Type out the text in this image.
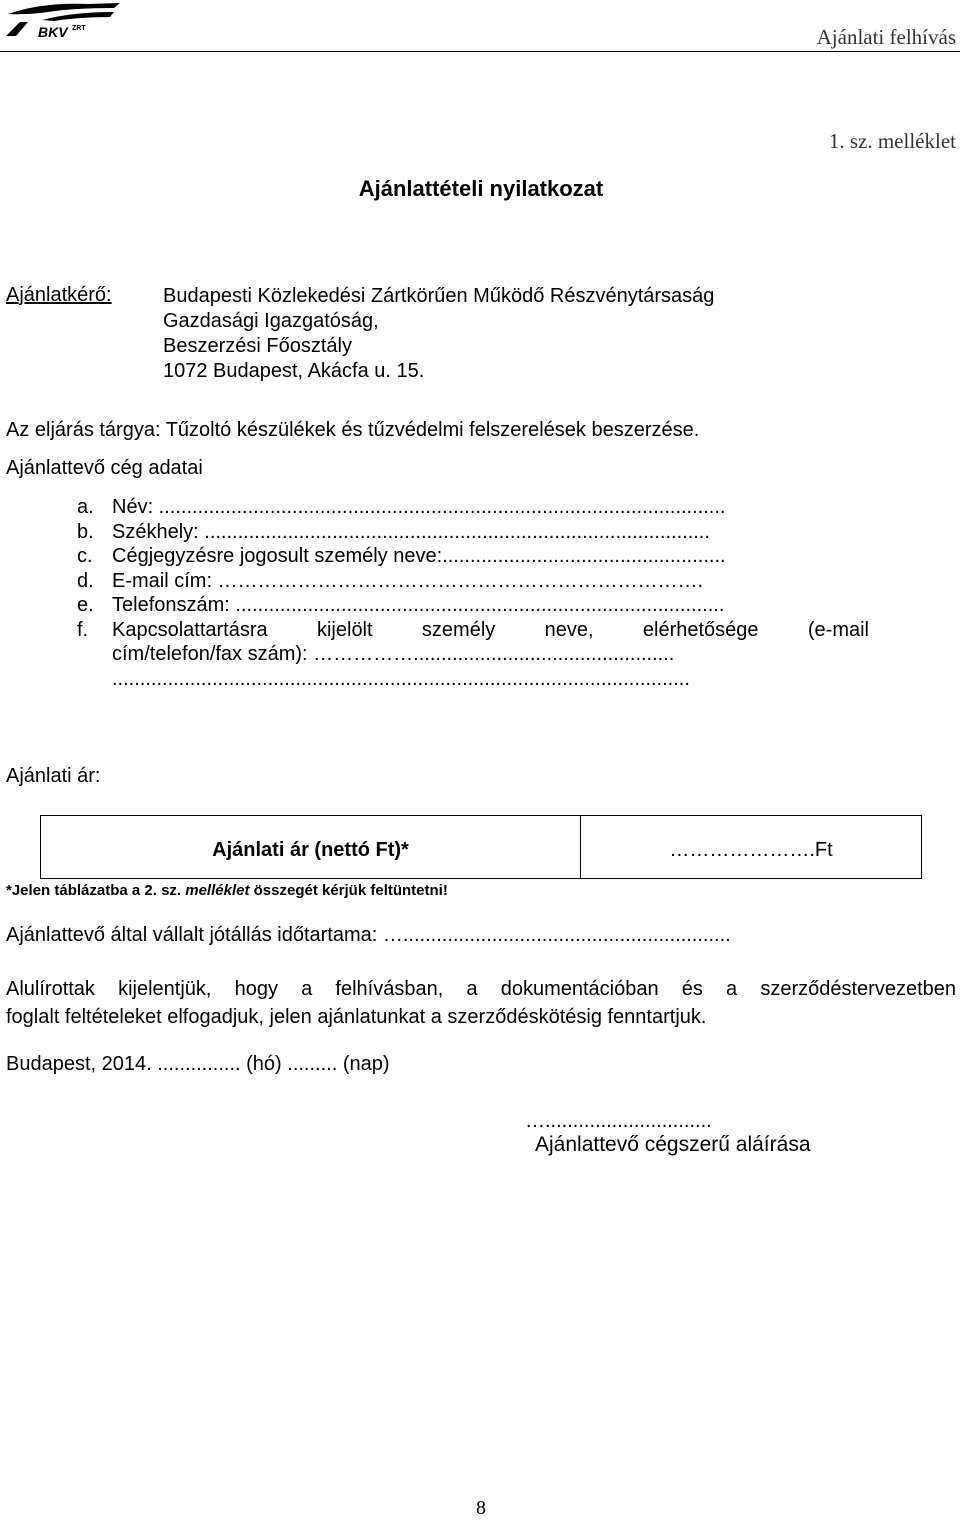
BKV ZRT	Ajánlati felhívás
1. sz. melléklet
Ajánlattételi nyilatkozat
Ajánlatkérő:	Budapesti Közlekedési Zártkörűen Működő Részvénytársaság
Gazdasági Igazgatóság,
Beszerzési Főosztály
1072 Budapest, Akácfa u. 15.
Az eljárás tárgya: Tűzoltó készülékek és tűzvédelmi felszerelések beszerzése.
Ajánlattevő cég adatai
a. Név: ......................................................................................................
b. Székhely: ...........................................................................................
c. Cégjegyzésre jogosult személy neve:...................................................
d. E-mail cím: ……………………………………………………………….
e. Telefonszám: ........................................................................................
f.	Kapcsolattartásra kijelölt személy neve, elérhetősége (e-mail
cím/telefon/fax szám): ……………...............................................
........................................................................................................
Ajánlati ár:
Ajánlati ár (nettó Ft)*	………………….Ft
*Jelen táblázatba a 2. sz. melléklet összegét kérjük feltüntetni!
Ajánlattevő által vállalt jótállás időtartama: …...........................................................
Alulírottak kijelentjük, hogy a felhívásban, a dokumentációban és a szerződéstervezetben
foglalt feltételeket elfogadjuk, jelen ajánlatunkat a szerződéskötésig fenntartjuk.
Budapest, 2014. ............... (hó) ......... (nap)
…..............................
Ajánlattevő cégszerű aláírása
8
